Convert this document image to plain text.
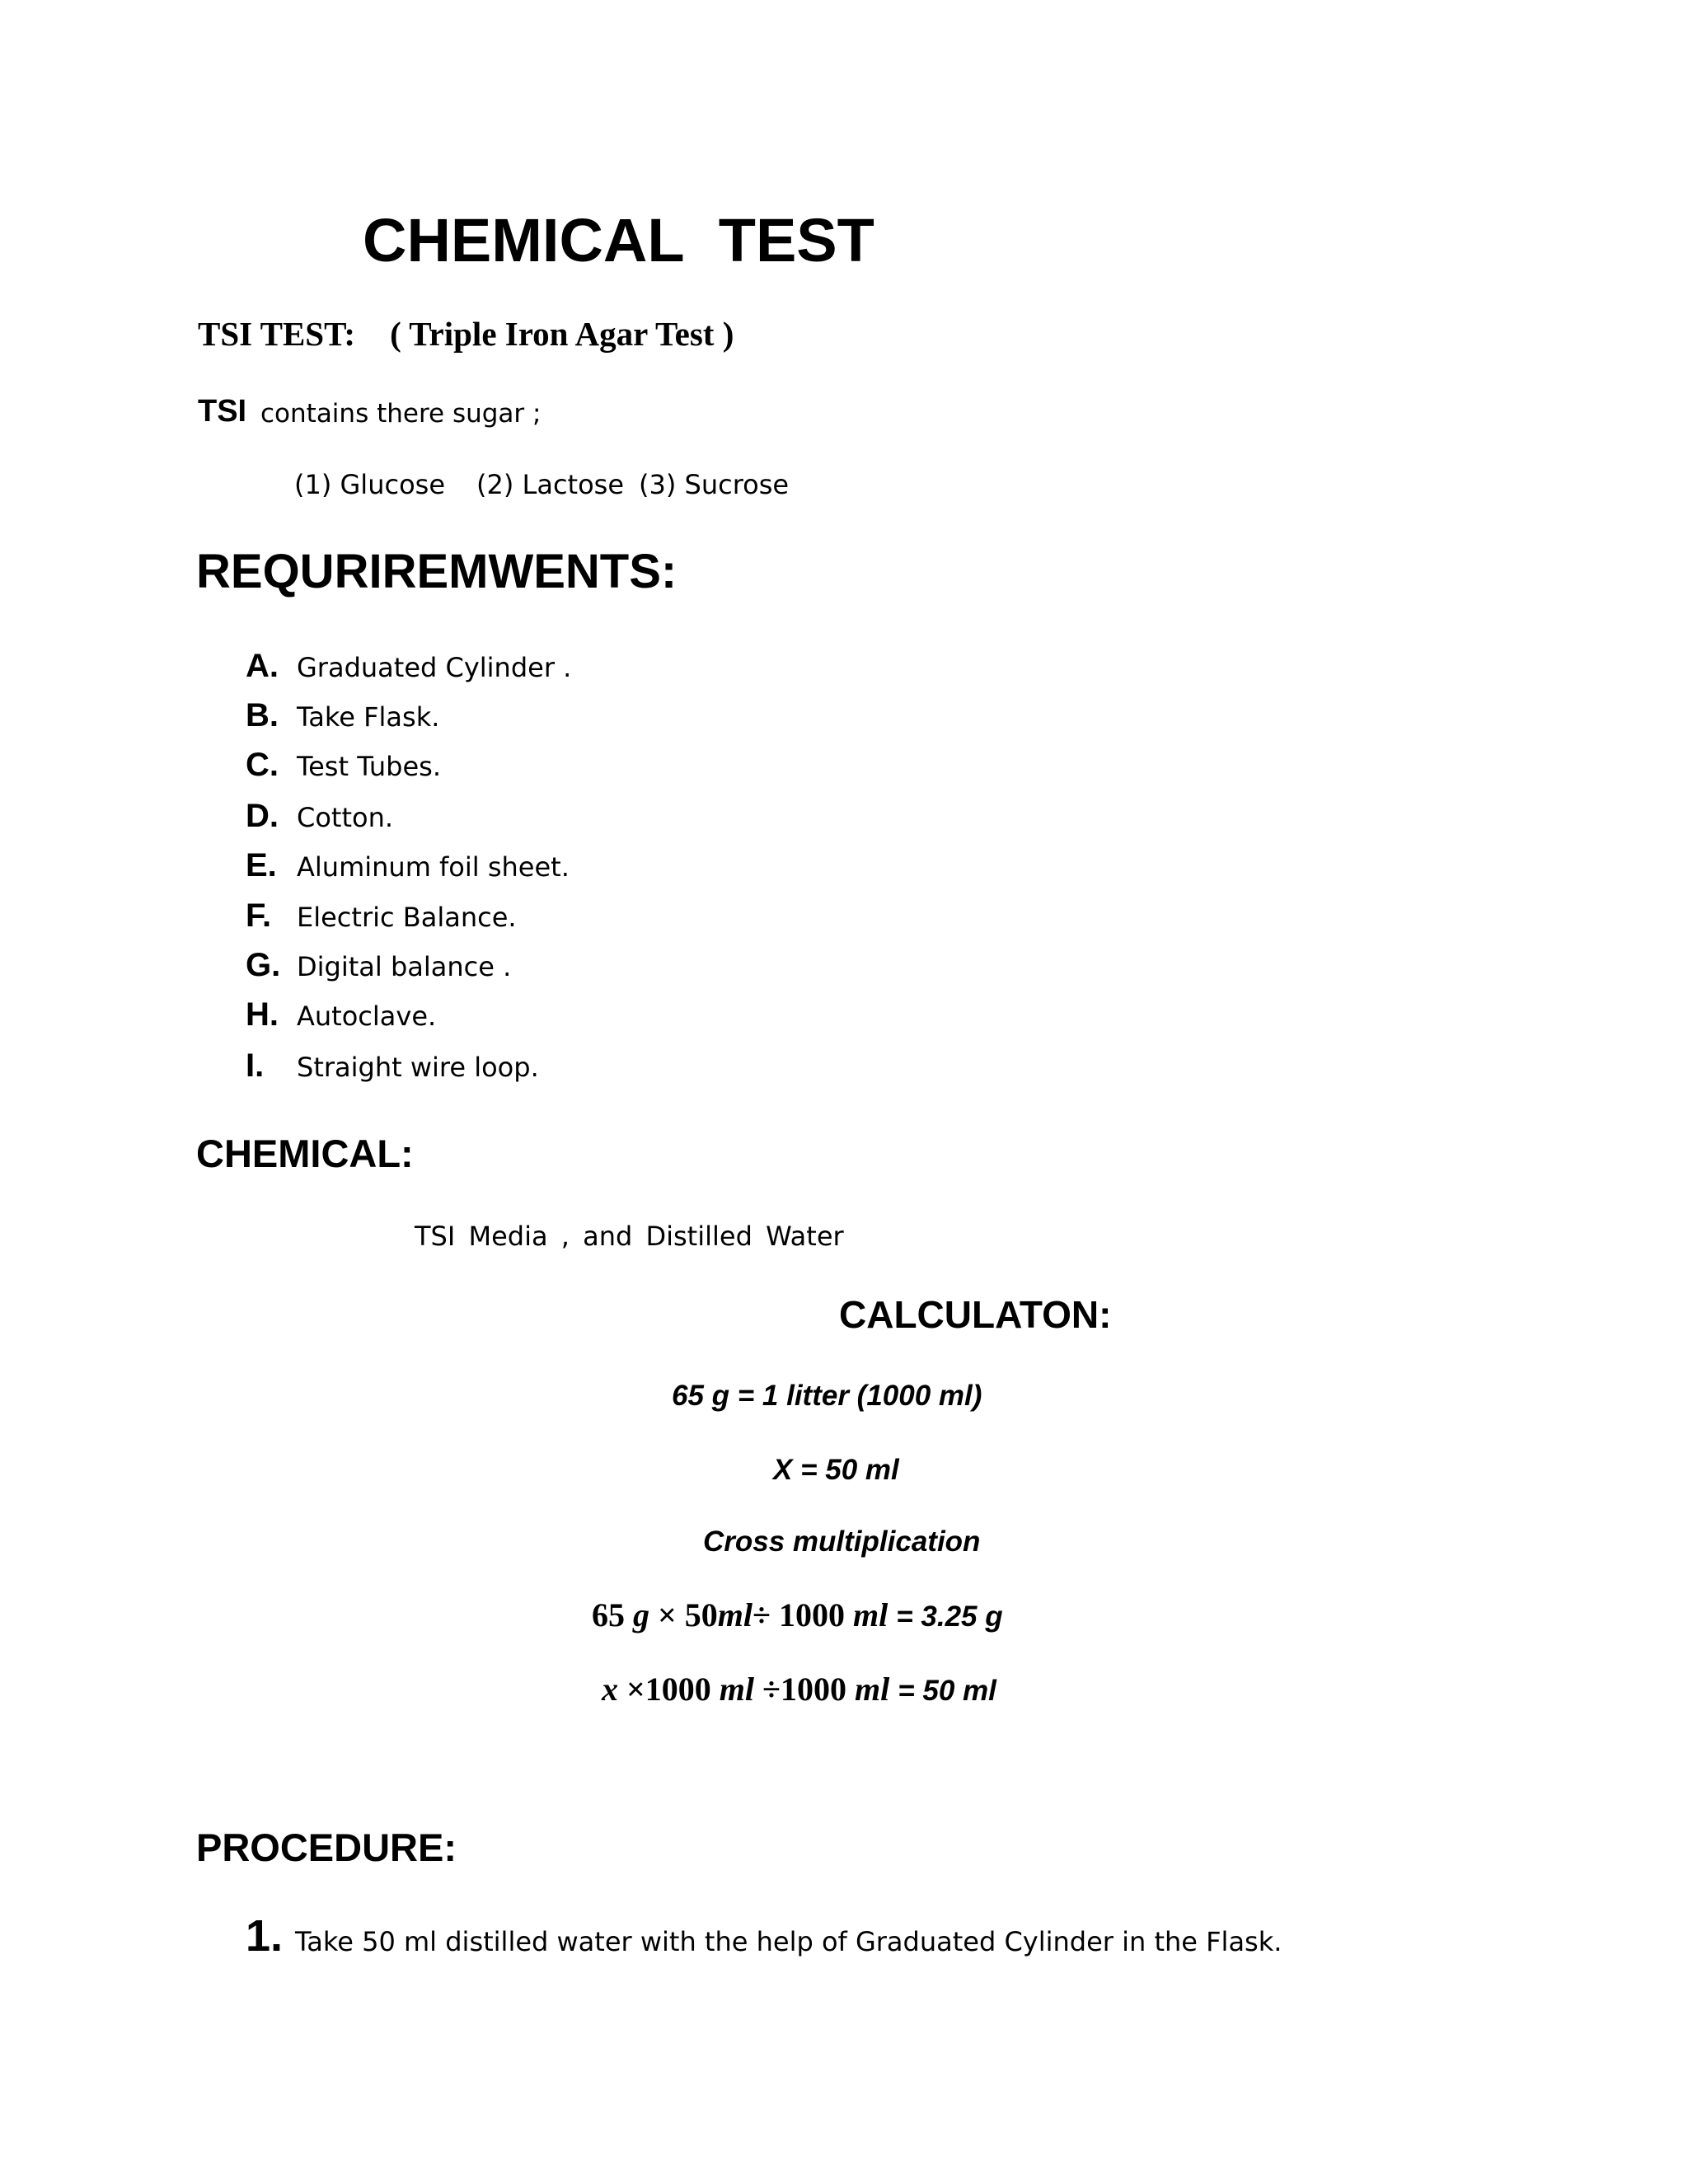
CHEMICAL TEST
TSI TEST: ( Triple Iron Agar Test )
TSI contains there sugar ;
(1) Glucose (2) Lactose (3) Sucrose
REQURIREMWENTS:
A. Graduated Cylinder .
B. Take Flask.
C. Test Tubes.
D. Cotton.
E. Aluminum foil sheet.
F. Electric Balance.
G. Digital balance .
H. Autoclave.
I. Straight wire loop.
CHEMICAL:
TSI Media , and Distilled Water
CALCULATON:
65 g = 1 litter (1000 ml)
X = 50 ml
Cross multiplication
65 g × 50ml÷ 1000 ml = 3.25 g
x ×1000 ml ÷1000 ml = 50 ml
PROCEDURE:
1. Take 50 ml distilled water with the help of Graduated Cylinder in the Flask.
